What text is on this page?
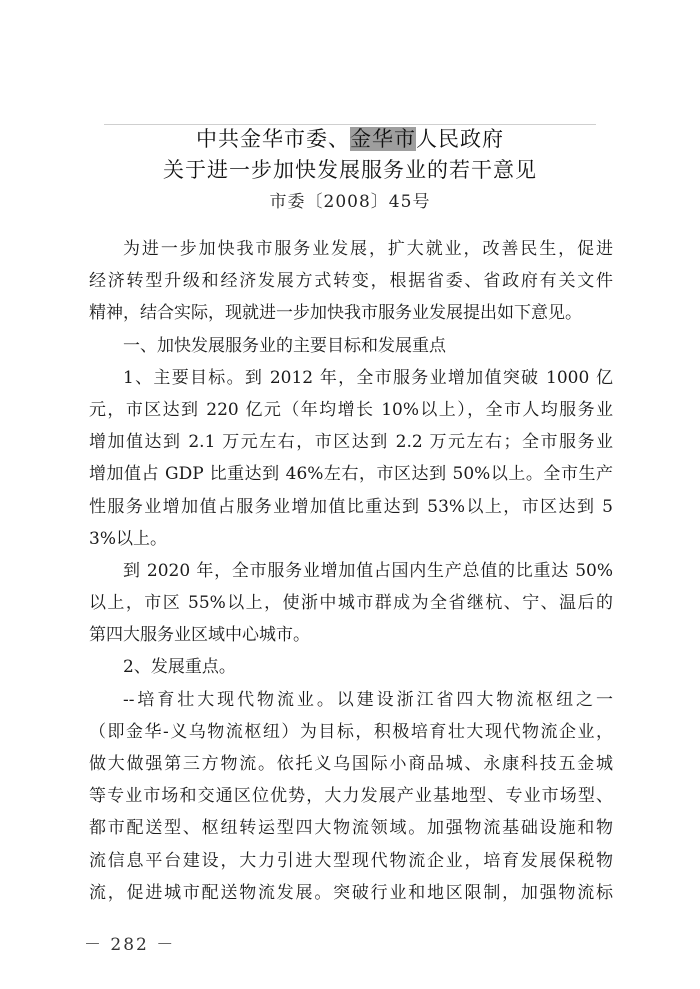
中共金华市委、金华市人民政府
关于进一步加快发展服务业的若干意见
市委〔2008〕45号
为进一步加快我市服务业发展，扩大就业，改善民生，促进
经济转型升级和经济发展方式转变，根据省委、省政府有关文件
精神，结合实际，现就进一步加快我市服务业发展提出如下意见。
一、加快发展服务业的主要目标和发展重点
1、主要目标。到 2012 年，全市服务业增加值突破 1000 亿
元，市区达到 220 亿元（年均增长 10%以上），全市人均服务业
增加值达到 2.1 万元左右，市区达到 2.2 万元左右；全市服务业
增加值占 GDP 比重达到 46%左右，市区达到 50%以上。全市生产
性服务业增加值占服务业增加值比重达到 53%以上，市区达到 5
3%以上。
到 2020 年，全市服务业增加值占国内生产总值的比重达 50%
以上，市区 55%以上，使浙中城市群成为全省继杭、宁、温后的
第四大服务业区域中心城市。
2、发展重点。
--培育壮大现代物流业。以建设浙江省四大物流枢纽之一
（即金华-义乌物流枢纽）为目标，积极培育壮大现代物流企业，
做大做强第三方物流。依托义乌国际小商品城、永康科技五金城
等专业市场和交通区位优势，大力发展产业基地型、专业市场型、
都市配送型、枢纽转运型四大物流领域。加强物流基础设施和物
流信息平台建设，大力引进大型现代物流企业，培育发展保税物
流，促进城市配送物流发展。突破行业和地区限制，加强物流标
－ 282 －
